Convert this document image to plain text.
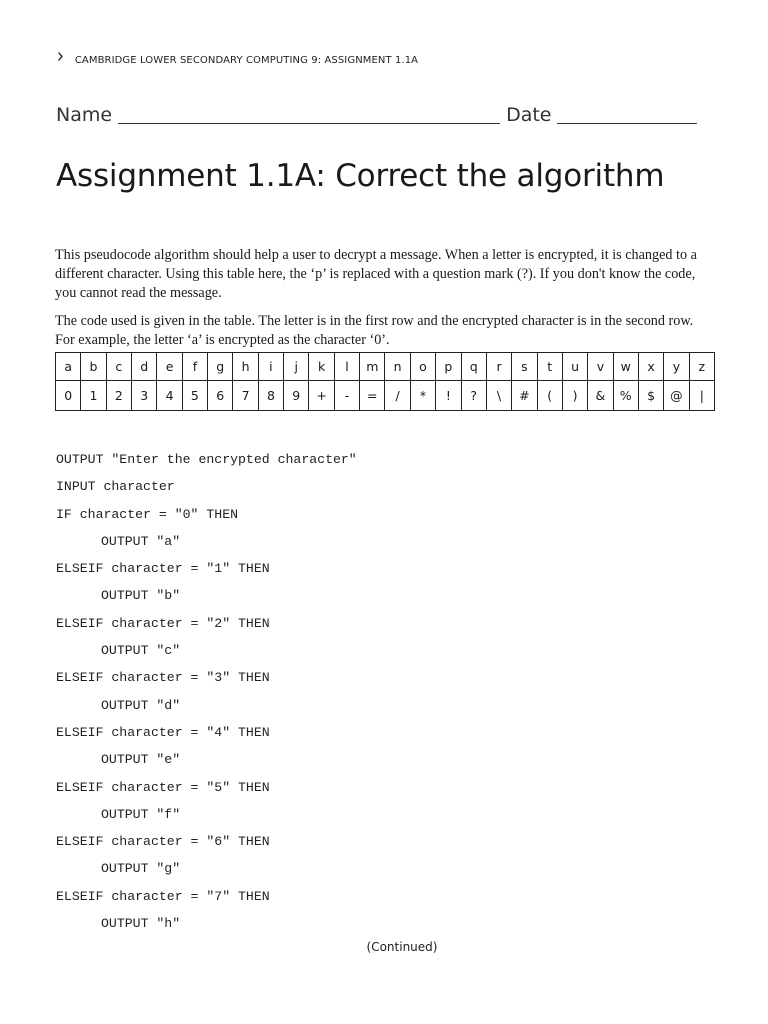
› CAMBRIDGE LOWER SECONDARY COMPUTING 9: ASSIGNMENT 1.1A
Name	Date
Assignment 1.1A: Correct the algorithm
This pseudocode algorithm should help a user to decrypt a message. When a letter is encrypted, it is changed to a different character. Using this table here, the ‘p’ is replaced with a question mark (?). If you don't know the code, you cannot read the message.
The code used is given in the table. The letter is in the first row and the encrypted character is in the second row. For example, the letter ‘a’ is encrypted as the character ‘0’.
a	b	c	d	e	f	g	h	i	j	k	l	m	n	o	p	q	r	s	t	u	v	w	x	y	z
0	1	2	3	4	5	6	7	8	9	+	-	=	/	*	!	?	\	#	(	)	&	%	$	@	|
OUTPUT "Enter the encrypted character"
INPUT character
IF character = "0" THEN
OUTPUT "a"
ELSEIF character = "1" THEN
OUTPUT "b"
ELSEIF character = "2" THEN
OUTPUT "c"
ELSEIF character = "3" THEN
OUTPUT "d"
ELSEIF character = "4" THEN
OUTPUT "e"
ELSEIF character = "5" THEN
OUTPUT "f"
ELSEIF character = "6" THEN
OUTPUT "g"
ELSEIF character = "7" THEN
OUTPUT "h"
(Continued)
